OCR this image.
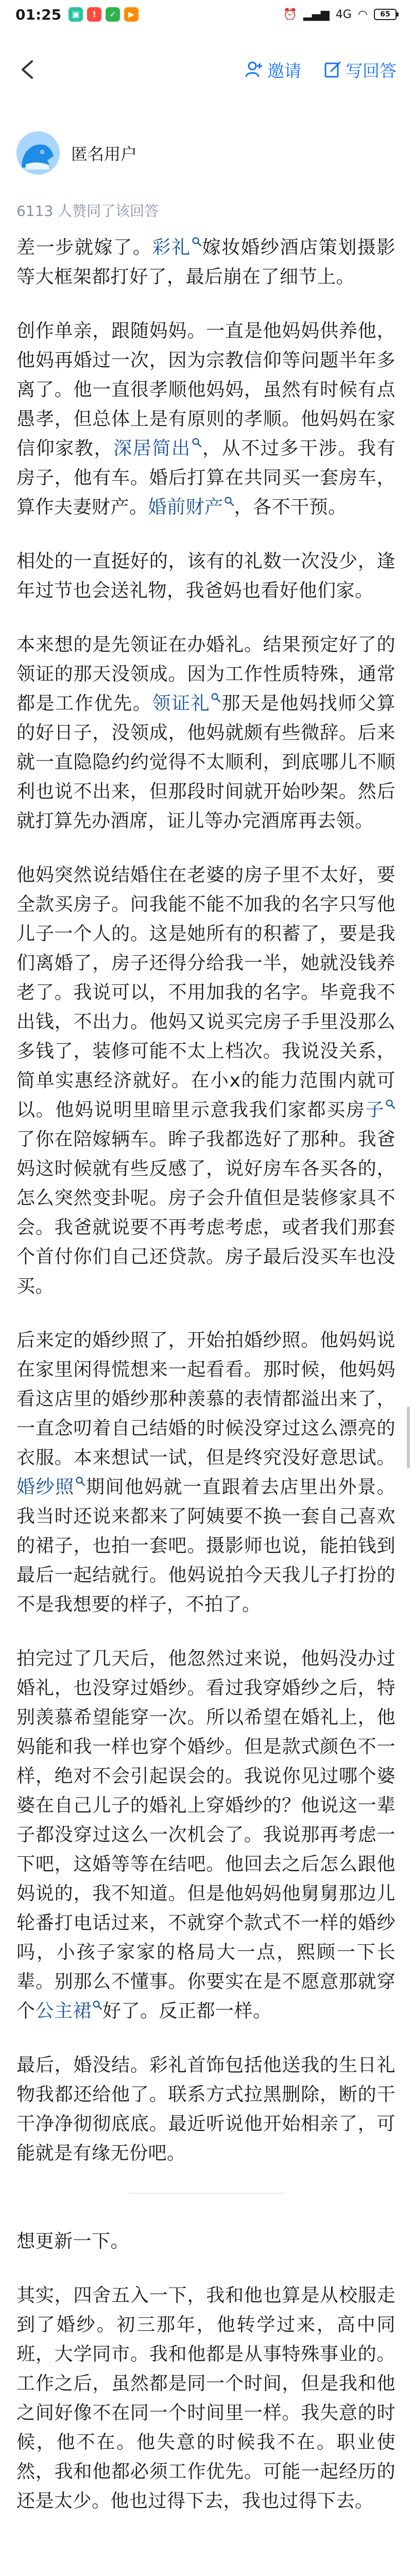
01:25	▣	!	✓	▶	⏰ ▂▄▆ 4G ◠	65
邀请	写回答
匿名用户
6113 人赞同了该回答

差一步就嫁了。彩礼 嫁妆婚纱酒店策划摄影等大框架都打好了，最后崩在了细节上。

创作单亲，跟随妈妈。一直是他妈妈供养他，他妈再婚过一次，因为宗教信仰等问题半年多离了。他一直很孝顺他妈妈，虽然有时候有点愚孝，但总体上是有原则的孝顺。他妈妈在家信仰家教，深居简出 ，从不过多干涉。我有房子，他有车。婚后打算在共同买一套房车，算作夫妻财产。婚前财产 ，各不干预。

相处的一直挺好的，该有的礼数一次没少，逢年过节也会送礼物，我爸妈也看好他们家。

本来想的是先领证在办婚礼。结果预定好了的领证的那天没领成。因为工作性质特殊，通常都是工作优先。领证礼 那天是他妈找师父算的好日子，没领成，他妈就颇有些微辞。后来就一直隐隐约约觉得不太顺利，到底哪儿不顺利也说不出来，但那段时间就开始吵架。然后就打算先办酒席，证儿等办完酒席再去领。

他妈突然说结婚住在老婆的房子里不太好，要全款买房子。问我能不能不加我的名字只写他儿子一个人的。这是她所有的积蓄了，要是我们离婚了，房子还得分给我一半，她就没钱养老了。我说可以，不用加我的名字。毕竟我不出钱，不出力。他妈又说买完房子手里没那么多钱了，装修可能不太上档次。我说没关系，简单实惠经济就好。在小x的能力范围内就可以。他妈说明里暗里示意我我们家都买房子了你在陪嫁辆车。眸子我都选好了那种。我爸妈这时候就有些反感了，说好房车各买各的，怎么突然变卦呢。房子会升值但是装修家具不会。我爸就说要不再考虑考虑，或者我们那套个首付你们自己还贷款。房子最后没买车也没买。

后来定的婚纱照了，开始拍婚纱照。他妈妈说在家里闲得慌想来一起看看。那时候，他妈妈看这店里的婚纱那种羡慕的表情都溢出来了，一直念叨着自己结婚的时候没穿过这么漂亮的衣服。本来想试一试，但是终究没好意思试。婚纱照 期间他妈就一直跟着去店里出外景。我当时还说来都来了阿姨要不换一套自己喜欢的裙子，也拍一套吧。摄影师也说，能拍钱到最后一起结就行。他妈说拍今天我儿子打扮的不是我想要的样子，不拍了。

拍完过了几天后，他忽然过来说，他妈没办过婚礼，也没穿过婚纱。看过我穿婚纱之后，特别羡慕希望能穿一次。所以希望在婚礼上，他妈能和我一样也穿个婚纱。但是款式颜色不一样，绝对不会引起误会的。我说你见过哪个婆婆在自己儿子的婚礼上穿婚纱的？他说这一辈子都没穿过这么一次机会了。我说那再考虑一下吧，这婚等等在结吧。他回去之后怎么跟他妈说的，我不知道。但是他妈妈他舅舅那边儿轮番打电话过来，不就穿个款式不一样的婚纱吗，小孩子家家的格局大一点，熙顾一下长辈。别那么不懂事。你要实在是不愿意那就穿个公主裙 好了。反正都一样。

最后，婚没结。彩礼首饰包括他送我的生日礼物我都还给他了。联系方式拉黑删除，断的干干净净彻彻底底。最近听说他开始相亲了，可能就是有缘无份吧。

想更新一下。

其实，四舍五入一下，我和他也算是从校服走到了婚纱。初三那年，他转学过来，高中同班，大学同市。我和他都是从事特殊事业的。工作之后，虽然都是同一个时间，但是我和他之间好像不在同一个时间里一样。我失意的时候，他不在。他失意的时候我不在。职业使然，我和他都必须工作优先。可能一起经历的还是太少。他也过得下去，我也过得下去。
